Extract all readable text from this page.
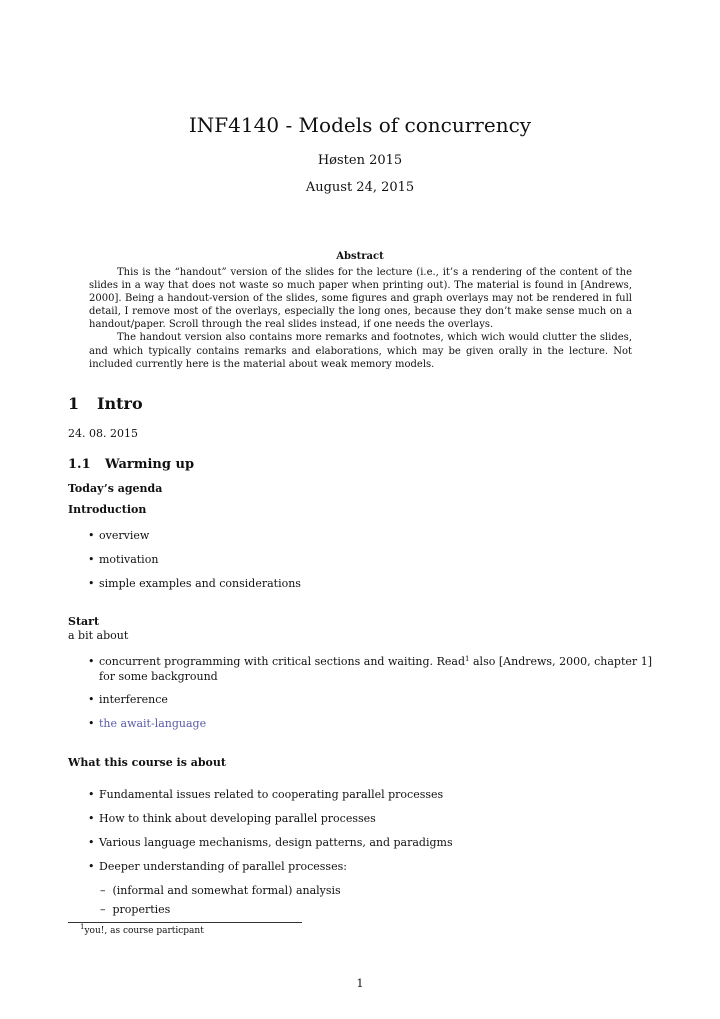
INF4140 - Models of concurrency
Høsten 2015
August 24, 2015
Abstract

This is the “handout” version of the slides for the lecture (i.e., it’s a rendering of the content of the slides in a way that does not waste so much paper when printing out). The material is found in [Andrews, 2000]. Being a handout-version of the slides, some figures and graph overlays may not be rendered in full detail, I remove most of the overlays, especially the long ones, because they don’t make sense much on a handout/paper. Scroll through the real slides instead, if one needs the overlays.

The handout version also contains more remarks and footnotes, which wich would clutter the slides, and which typically contains remarks and elaborations, which may be given orally in the lecture. Not included currently here is the material about weak memory models.

1 Intro
24. 08. 2015
1.1 Warming up
Today’s agenda
Introduction
• overview
• motivation
• simple examples and considerations
Start
a bit about
• concurrent programming with critical sections and waiting. Read$^1$ also [Andrews, 2000, chapter 1] for some background
• interference
• the await-language
What this course is about
• Fundamental issues related to cooperating parallel processes
• How to think about developing parallel processes
• Various language mechanisms, design patterns, and paradigms
• Deeper understanding of parallel processes:
–  (informal and somewhat formal) analysis
–  properties
$^1$you!, as course particpant
1
